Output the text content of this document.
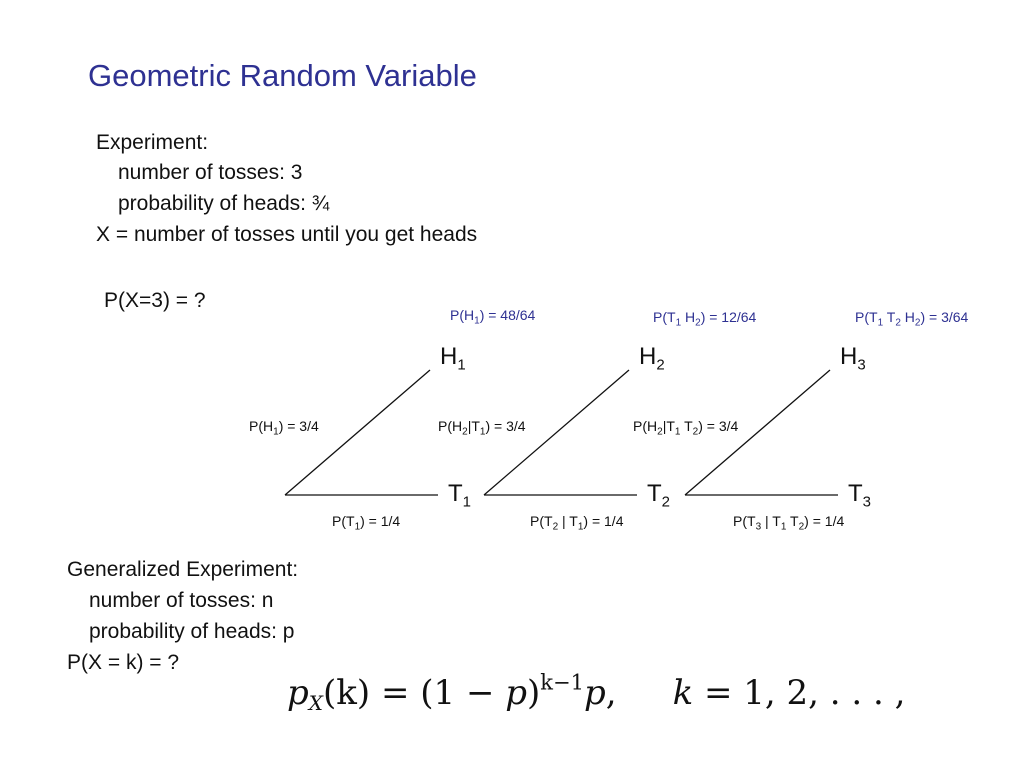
Geometric Random Variable
Experiment:
number of tosses: 3
probability of heads: ¾
X = number of tosses until you get heads
P(X=3) = ?
$P(H_1) = 48/64$	$P(T_1$ $H_2) = 12/64$	$P(T_1$ $T_2$ $H_2) = 3/64$
$H_1$	$H_2$	$H_3$
$T_1$	$T_2$	$T_3$
$P(H_1) = 3/4$	$P(H_2|T_1) = 3/4$	$P(H_2|T_1$ $T_2) = 3/4$
$P(T_1) = 1/4$	$P(T_2$ | $T_1) = 1/4$	$P(T_3$ | $T_1$ $T_2) = 1/4$
Generalized Experiment:
number of tosses: n
probability of heads: p
P(X = k) = ?
$p_X(k) = (1 - p)^{k-1}p$, k = 1, 2, . . . ,
